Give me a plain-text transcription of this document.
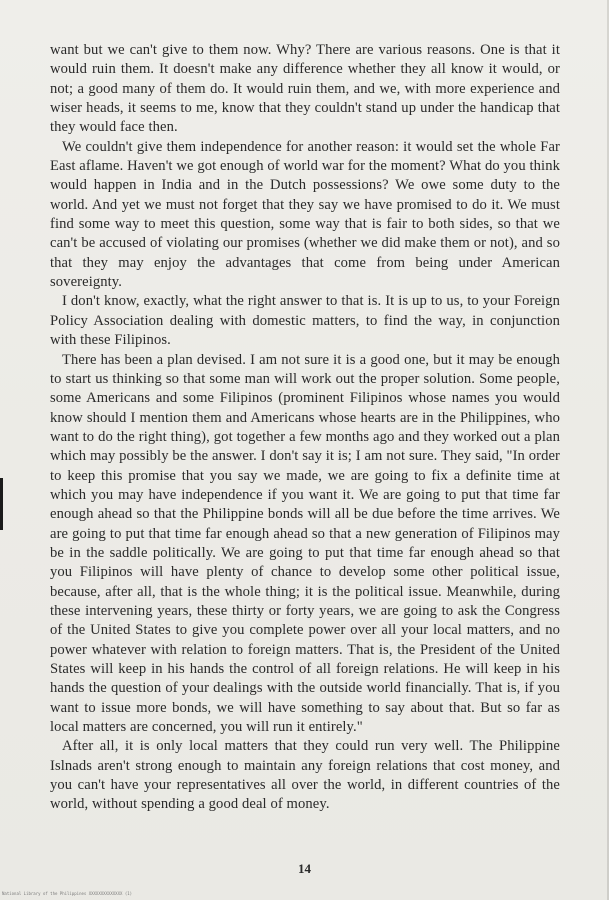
want but we can't give to them now. Why? There are various reasons. One is that it would ruin them. It doesn't make any difference whether they all know it would, or not; a good many of them do. It would ruin them, and we, with more experience and wiser heads, it seems to me, know that they couldn't stand up under the handicap that they would face then.

We couldn't give them independence for another reason: it would set the whole Far East aflame. Haven't we got enough of world war for the moment? What do you think would happen in India and in the Dutch possessions? We owe some duty to the world. And yet we must not forget that they say we have promised to do it. We must find some way to meet this question, some way that is fair to both sides, so that we can't be accused of violating our promises (whether we did make them or not), and so that they may enjoy the advantages that come from being under American sovereignty.

I don't know, exactly, what the right answer to that is. It is up to us, to your Foreign Policy Association dealing with domestic matters, to find the way, in conjunction with these Filipinos.

There has been a plan devised. I am not sure it is a good one, but it may be enough to start us thinking so that some man will work out the proper solution. Some people, some Americans and some Filipinos (prominent Filipinos whose names you would know should I mention them and Americans whose hearts are in the Philippines, who want to do the right thing), got together a few months ago and they worked out a plan which may possibly be the answer. I don't say it is; I am not sure. They said, "In order to keep this promise that you say we made, we are going to fix a definite time at which you may have independence if you want it. We are going to put that time far enough ahead so that the Philippine bonds will all be due before the time arrives. We are going to put that time far enough ahead so that a new generation of Filipinos may be in the saddle politically. We are going to put that time far enough ahead so that you Filipinos will have plenty of chance to develop some other political issue, because, after all, that is the whole thing; it is the political issue. Meanwhile, during these intervening years, these thirty or forty years, we are going to ask the Congress of the United States to give you complete power over all your local matters, and no power whatever with relation to foreign matters. That is, the President of the United States will keep in his hands the control of all foreign relations. He will keep in his hands the question of your dealings with the outside world financially. That is, if you want to issue more bonds, we will have something to say about that. But so far as local matters are concerned, you will run it entirely."

After all, it is only local matters that they could run very well. The Philippine Islnads aren't strong enough to maintain any foreign relations that cost money, and you can't have your representatives all over the world, in different countries of the world, without spending a good deal of money.

14
National Library of the Philippines XXXXXXXXXXXXXX (1)
